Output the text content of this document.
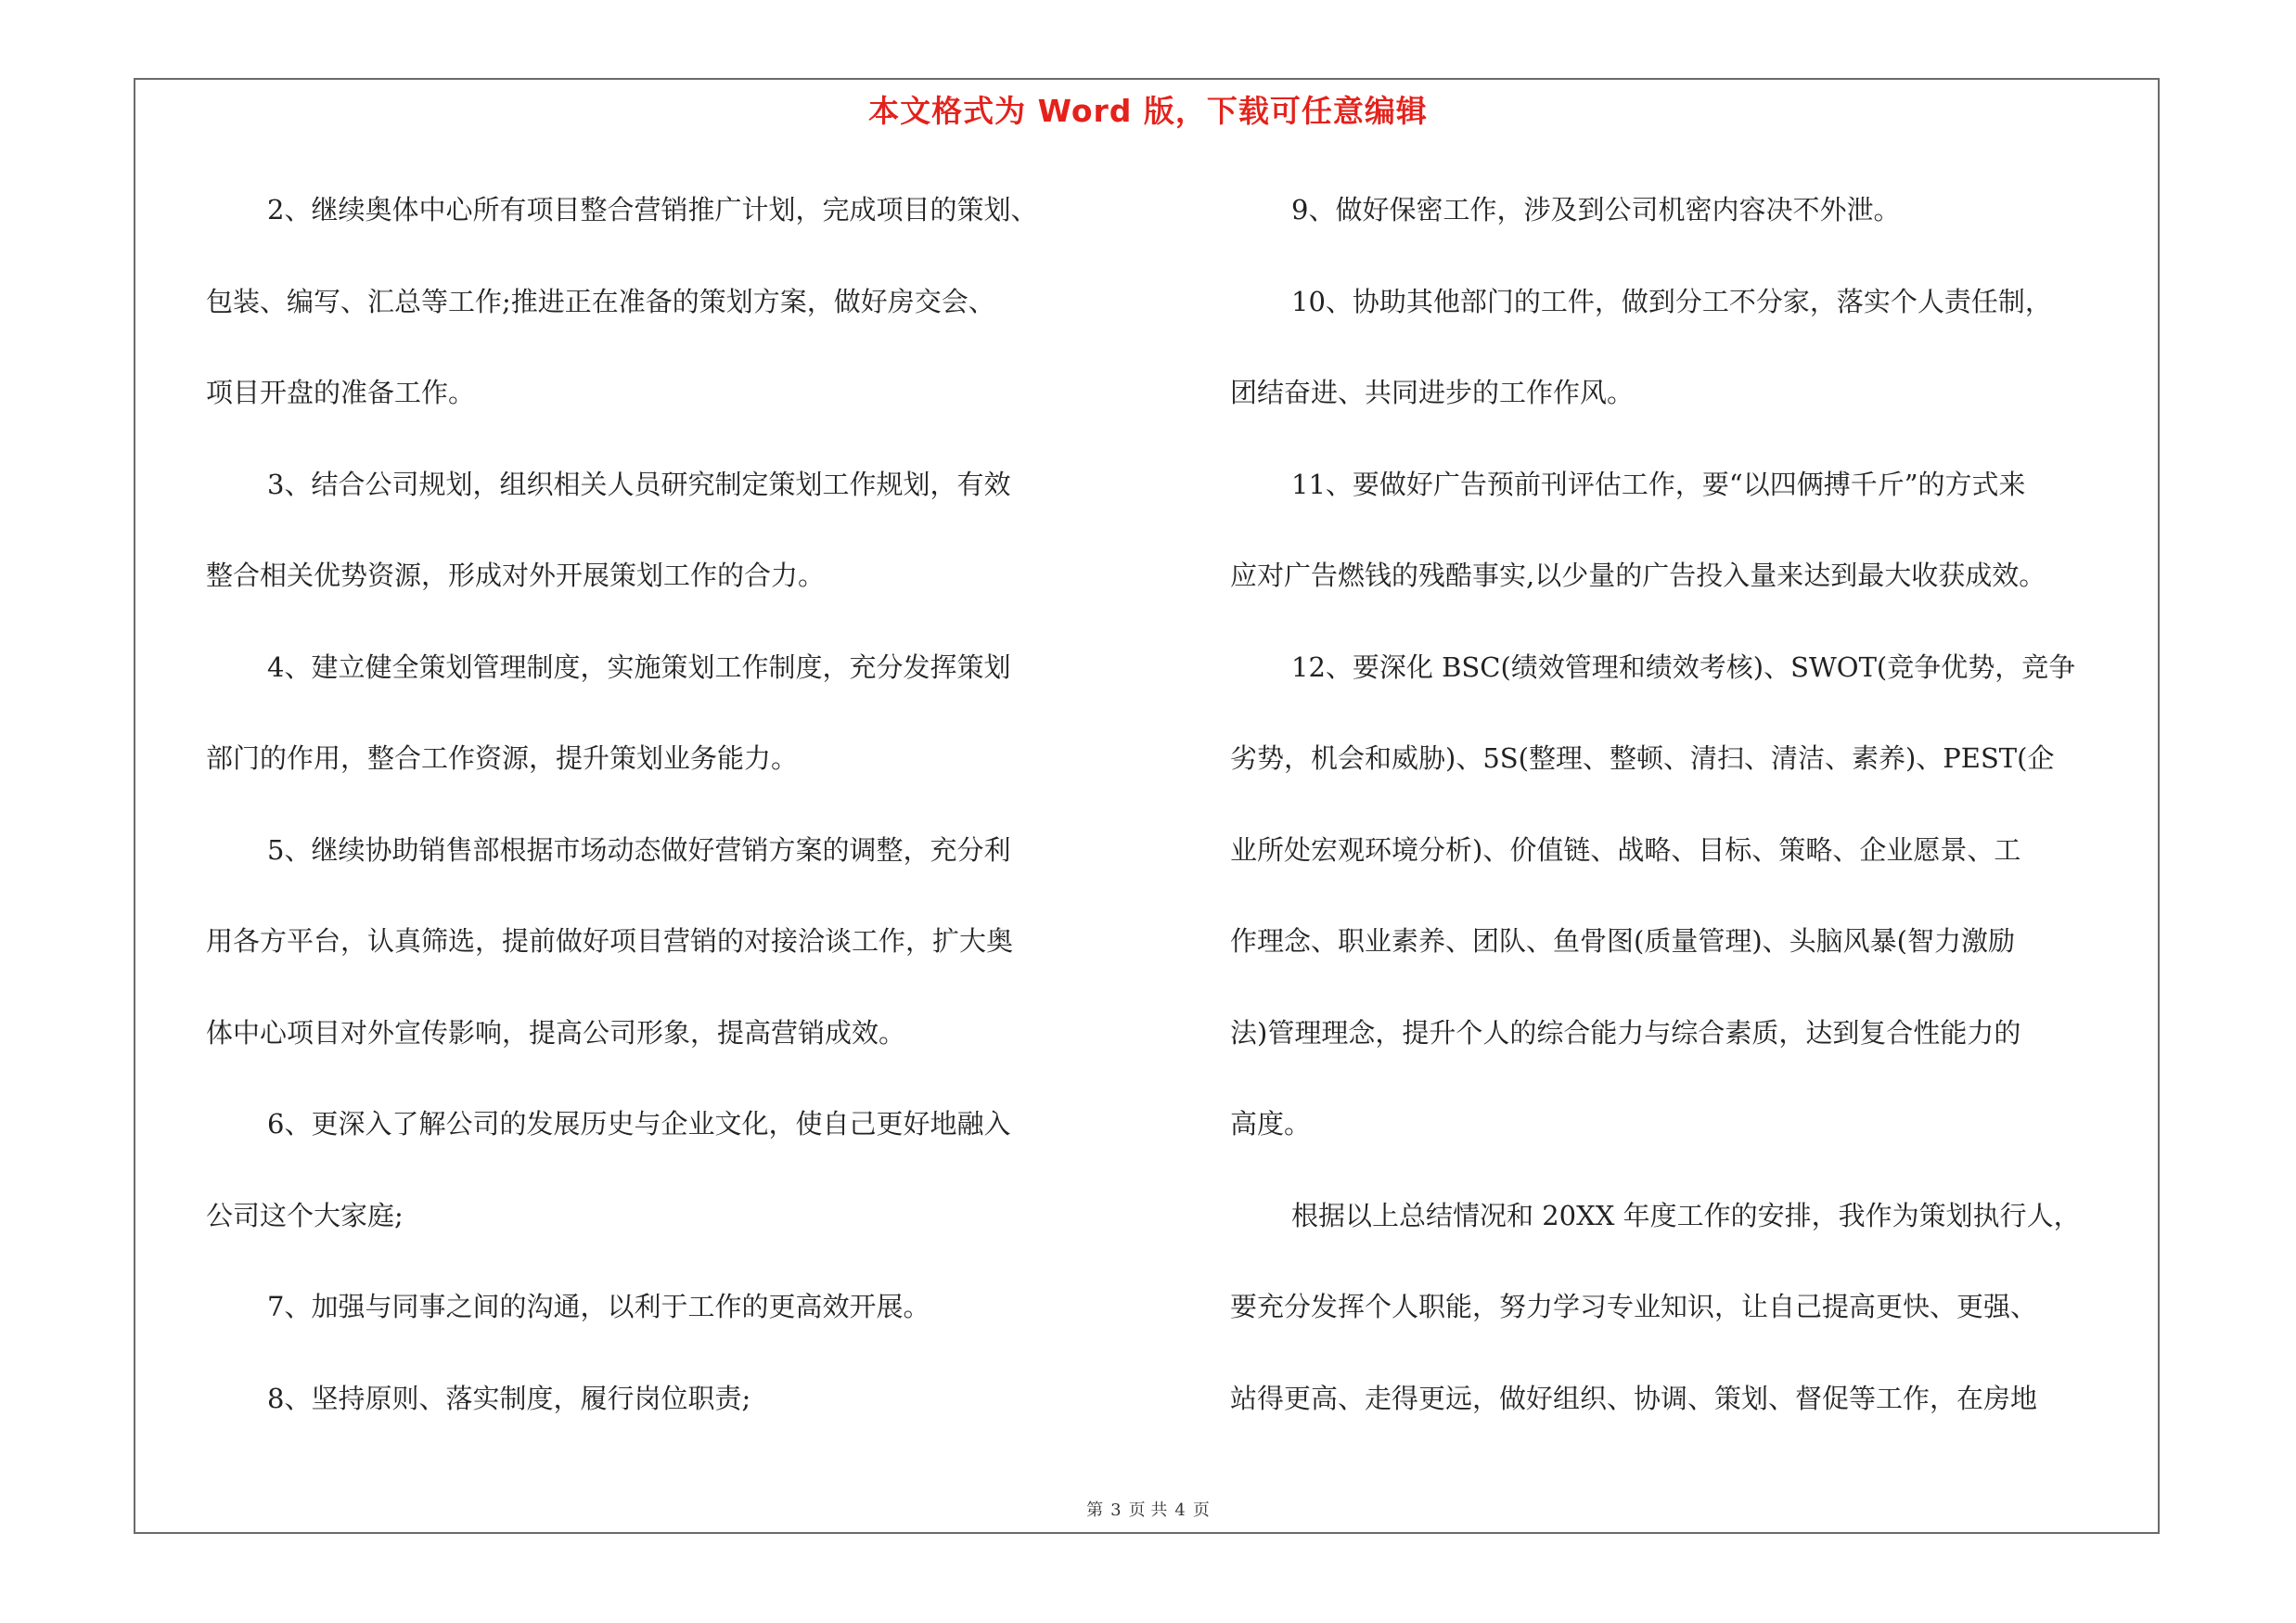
本文格式为 Word 版，下载可任意编辑

2、继续奥体中心所有项目整合营销推广计划，完成项目的策划、

包装、编写、汇总等工作;推进正在准备的策划方案，做好房交会、

项目开盘的准备工作。

3、结合公司规划，组织相关人员研究制定策划工作规划，有效

整合相关优势资源，形成对外开展策划工作的合力。

4、建立健全策划管理制度，实施策划工作制度，充分发挥策划

部门的作用，整合工作资源，提升策划业务能力。

5、继续协助销售部根据市场动态做好营销方案的调整，充分利

用各方平台，认真筛选，提前做好项目营销的对接洽谈工作，扩大奥

体中心项目对外宣传影响，提高公司形象，提高营销成效。

6、更深入了解公司的发展历史与企业文化，使自己更好地融入

公司这个大家庭;

7、加强与同事之间的沟通，以利于工作的更高效开展。

8、坚持原则、落实制度，履行岗位职责;

9、做好保密工作，涉及到公司机密内容决不外泄。

10、协助其他部门的工件，做到分工不分家，落实个人责任制，

团结奋进、共同进步的工作作风。

11、要做好广告预前刊评估工作，要“以四俩搏千斤”的方式来

应对广告燃钱的残酷事实,以少量的广告投入量来达到最大收获成效。

12、要深化 BSC(绩效管理和绩效考核)、SWOT(竞争优势，竞争

劣势，机会和威胁)、5S(整理、整顿、清扫、清洁、素养)、PEST(企

业所处宏观环境分析)、价值链、战略、目标、策略、企业愿景、工

作理念、职业素养、团队、鱼骨图(质量管理)、头脑风暴(智力激励

法)管理理念，提升个人的综合能力与综合素质，达到复合性能力的

高度。

根据以上总结情况和 20XX 年度工作的安排，我作为策划执行人，

要充分发挥个人职能，努力学习专业知识，让自己提高更快、更强、

站得更高、走得更远，做好组织、协调、策划、督促等工作，在房地

第 3 页 共 4 页
